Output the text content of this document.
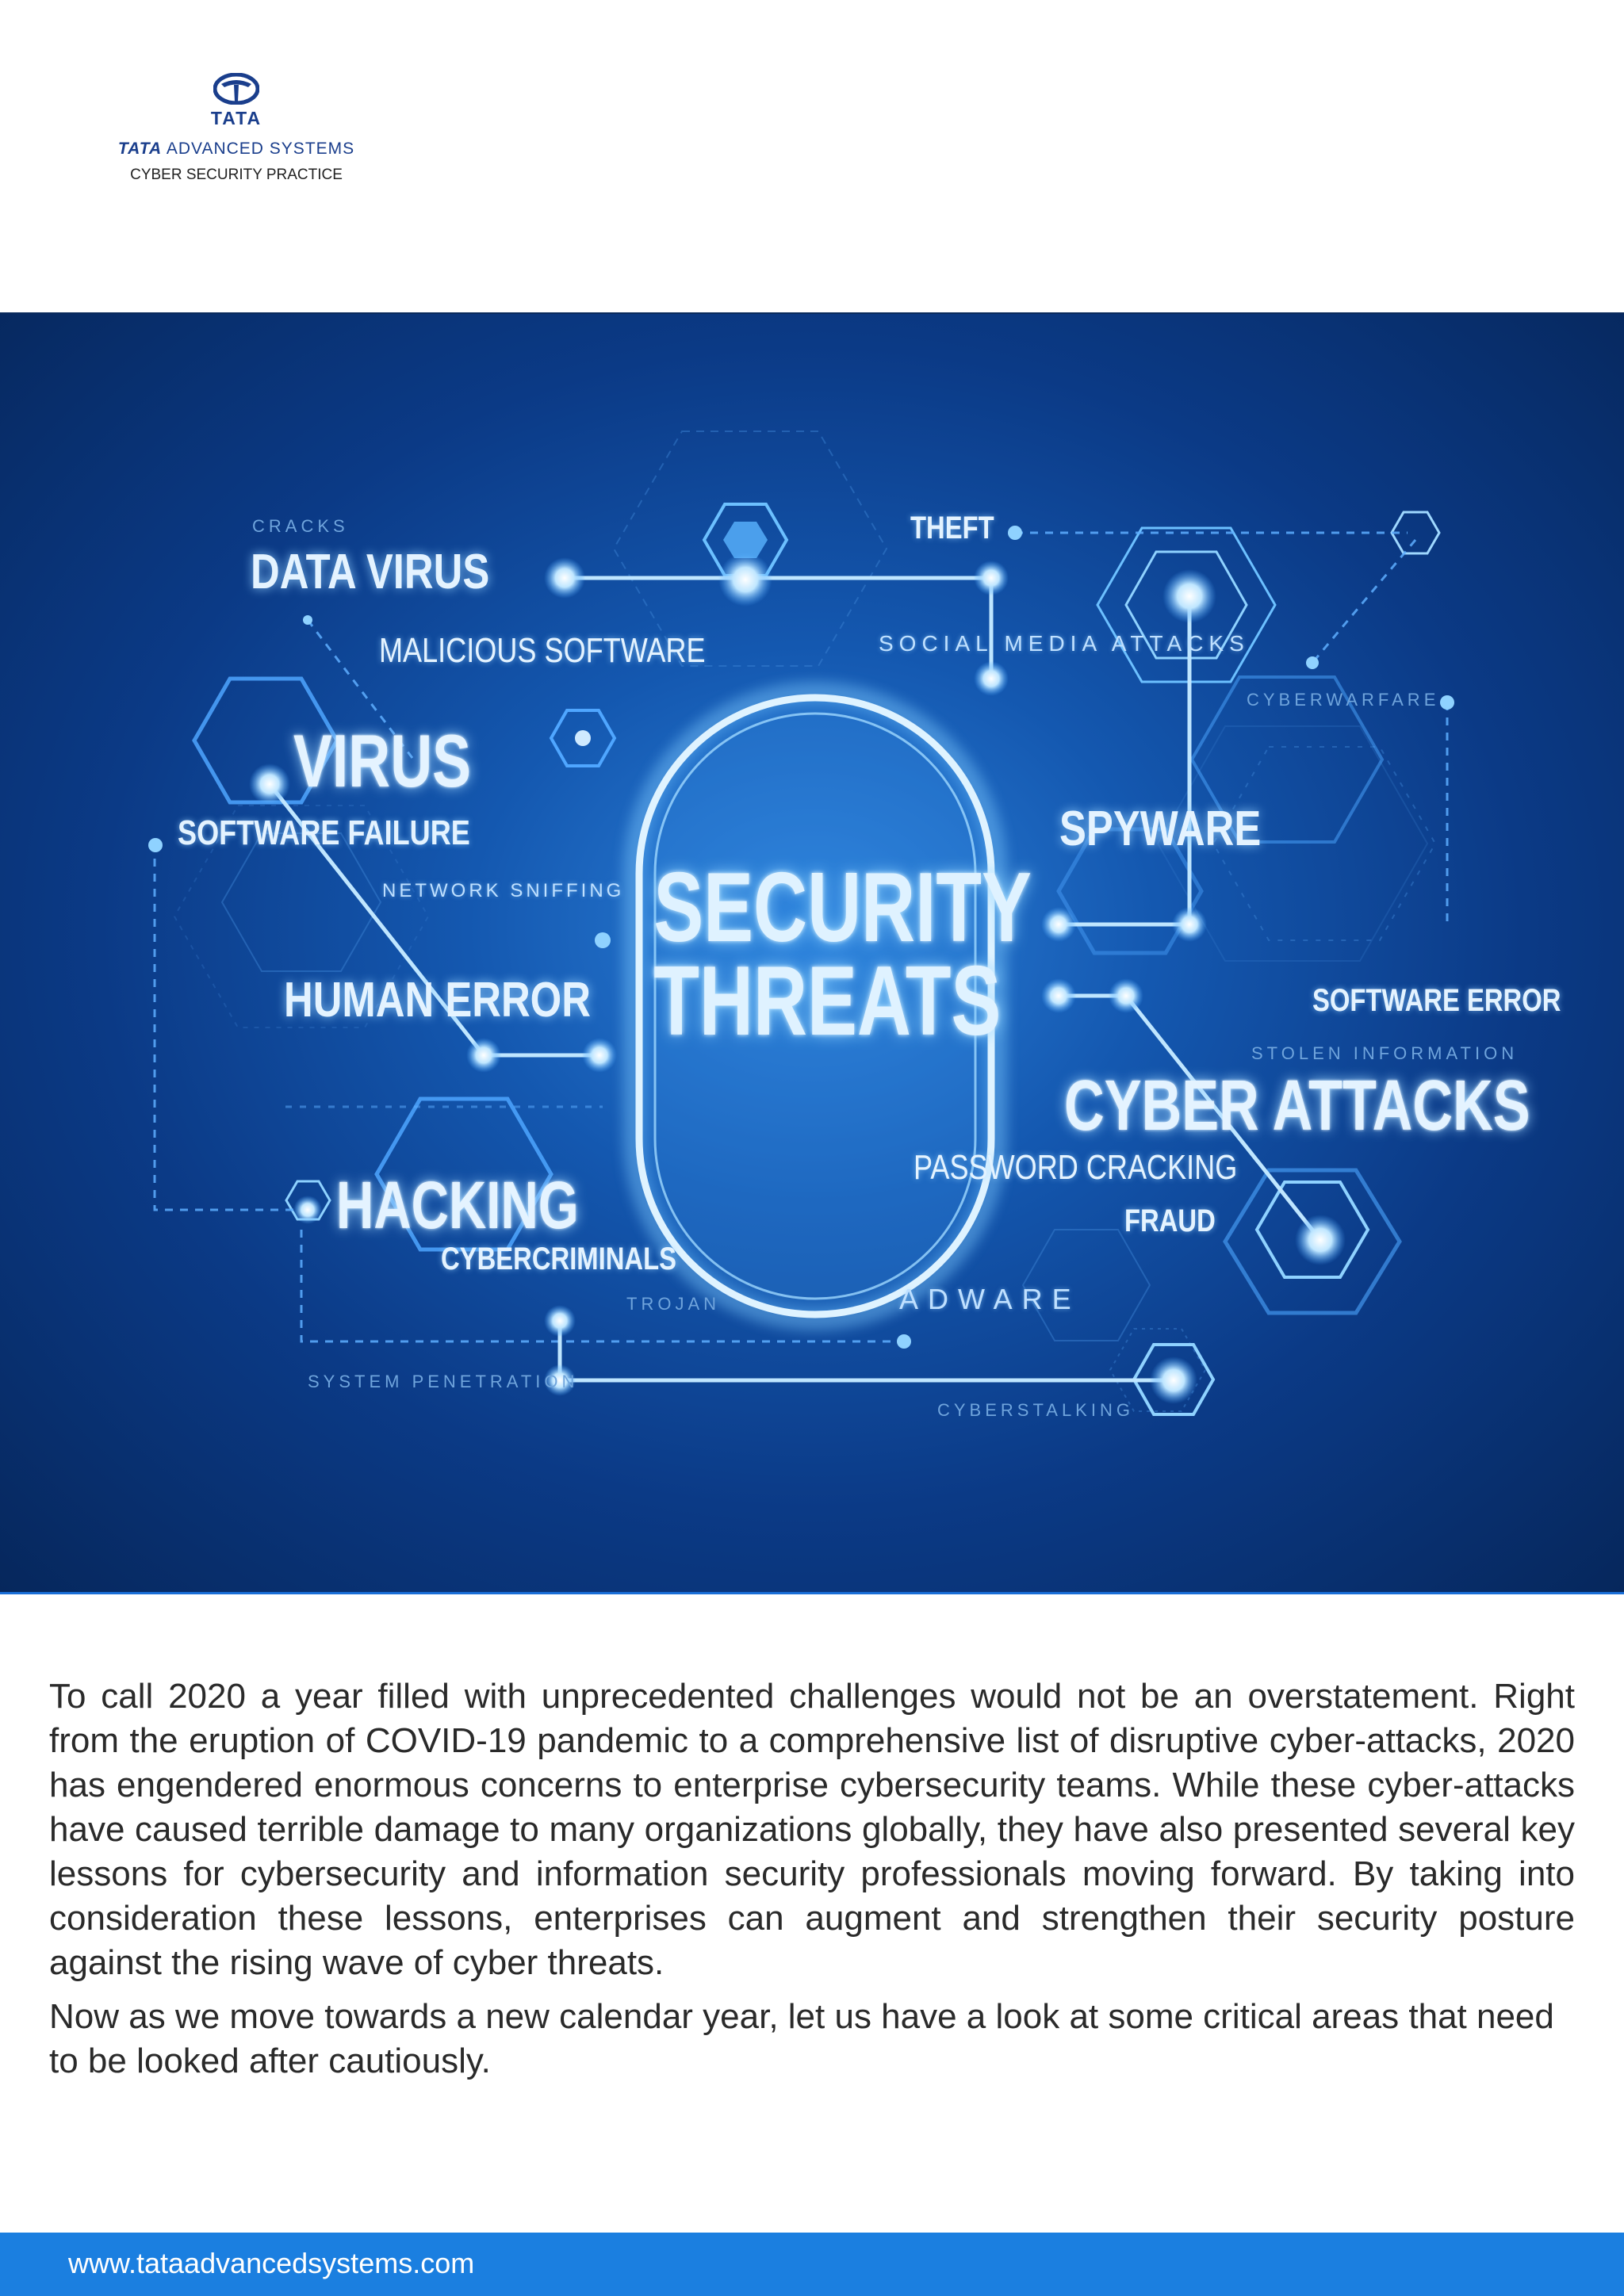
TATA
TATA ADVANCED SYSTEMS
CYBER SECURITY PRACTICE
CRACKS
DATA VIRUS
MALICIOUS SOFTWARE
THEFT
SOCIAL MEDIA ATTACKS
CYBERWARFARE
VIRUS
SOFTWARE FAILURE
NETWORK SNIFFING
SPYWARE
HUMAN ERROR	SOFTWARE ERROR
STOLEN INFORMATION
CYBER ATTACKS
PASSWORD CRACKING
HACKING	FRAUD
CYBERCRIMINALS
TROJAN	ADWARE
SYSTEM PENETRATION
CYBERSTALKING
SECURITY
THREATS

To call 2020 a year filled with unprecedented challenges would not be an overstatement. Right from the eruption of COVID-19 pandemic to a comprehensive list of disruptive cyber-attacks, 2020 has engendered enormous concerns to enterprise cybersecurity teams. While these cyber-attacks have caused terrible damage to many organizations globally, they have also presented several key lessons for cybersecurity and information security professionals moving forward. By taking into consideration these lessons, enterprises can augment and strengthen their security posture against the rising wave of cyber threats.

Now as we move towards a new calendar year, let us have a look at some critical areas that need to be looked after cautiously.

www.tataadvancedsystems.com
